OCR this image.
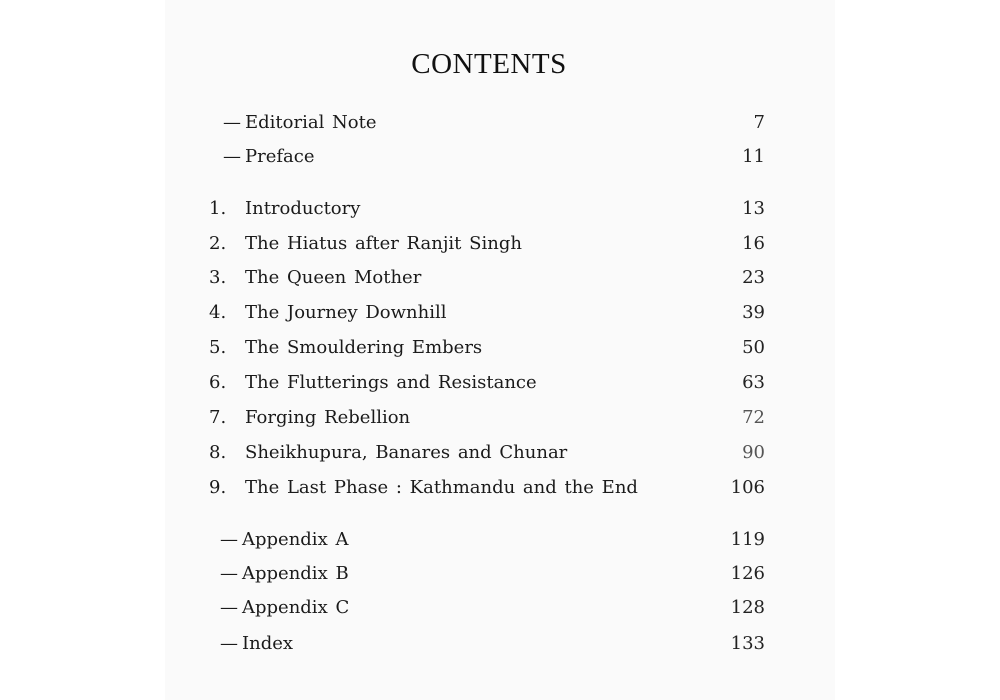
CONTENTS
— Editorial Note	7
— Preface	11
1. Introductory	13
2. The Hiatus after Ranjit Singh	16
3. The Queen Mother	23
4. The Journey Downhill	39
5. The Smouldering Embers	50
6. The Flutterings and Resistance	63
7. Forging Rebellion	72
8. Sheikhupura, Banares and Chunar	90
9. The Last Phase : Kathmandu and the End	106
— Appendix A	119
— Appendix B	126
— Appendix C	128
— Index	133
